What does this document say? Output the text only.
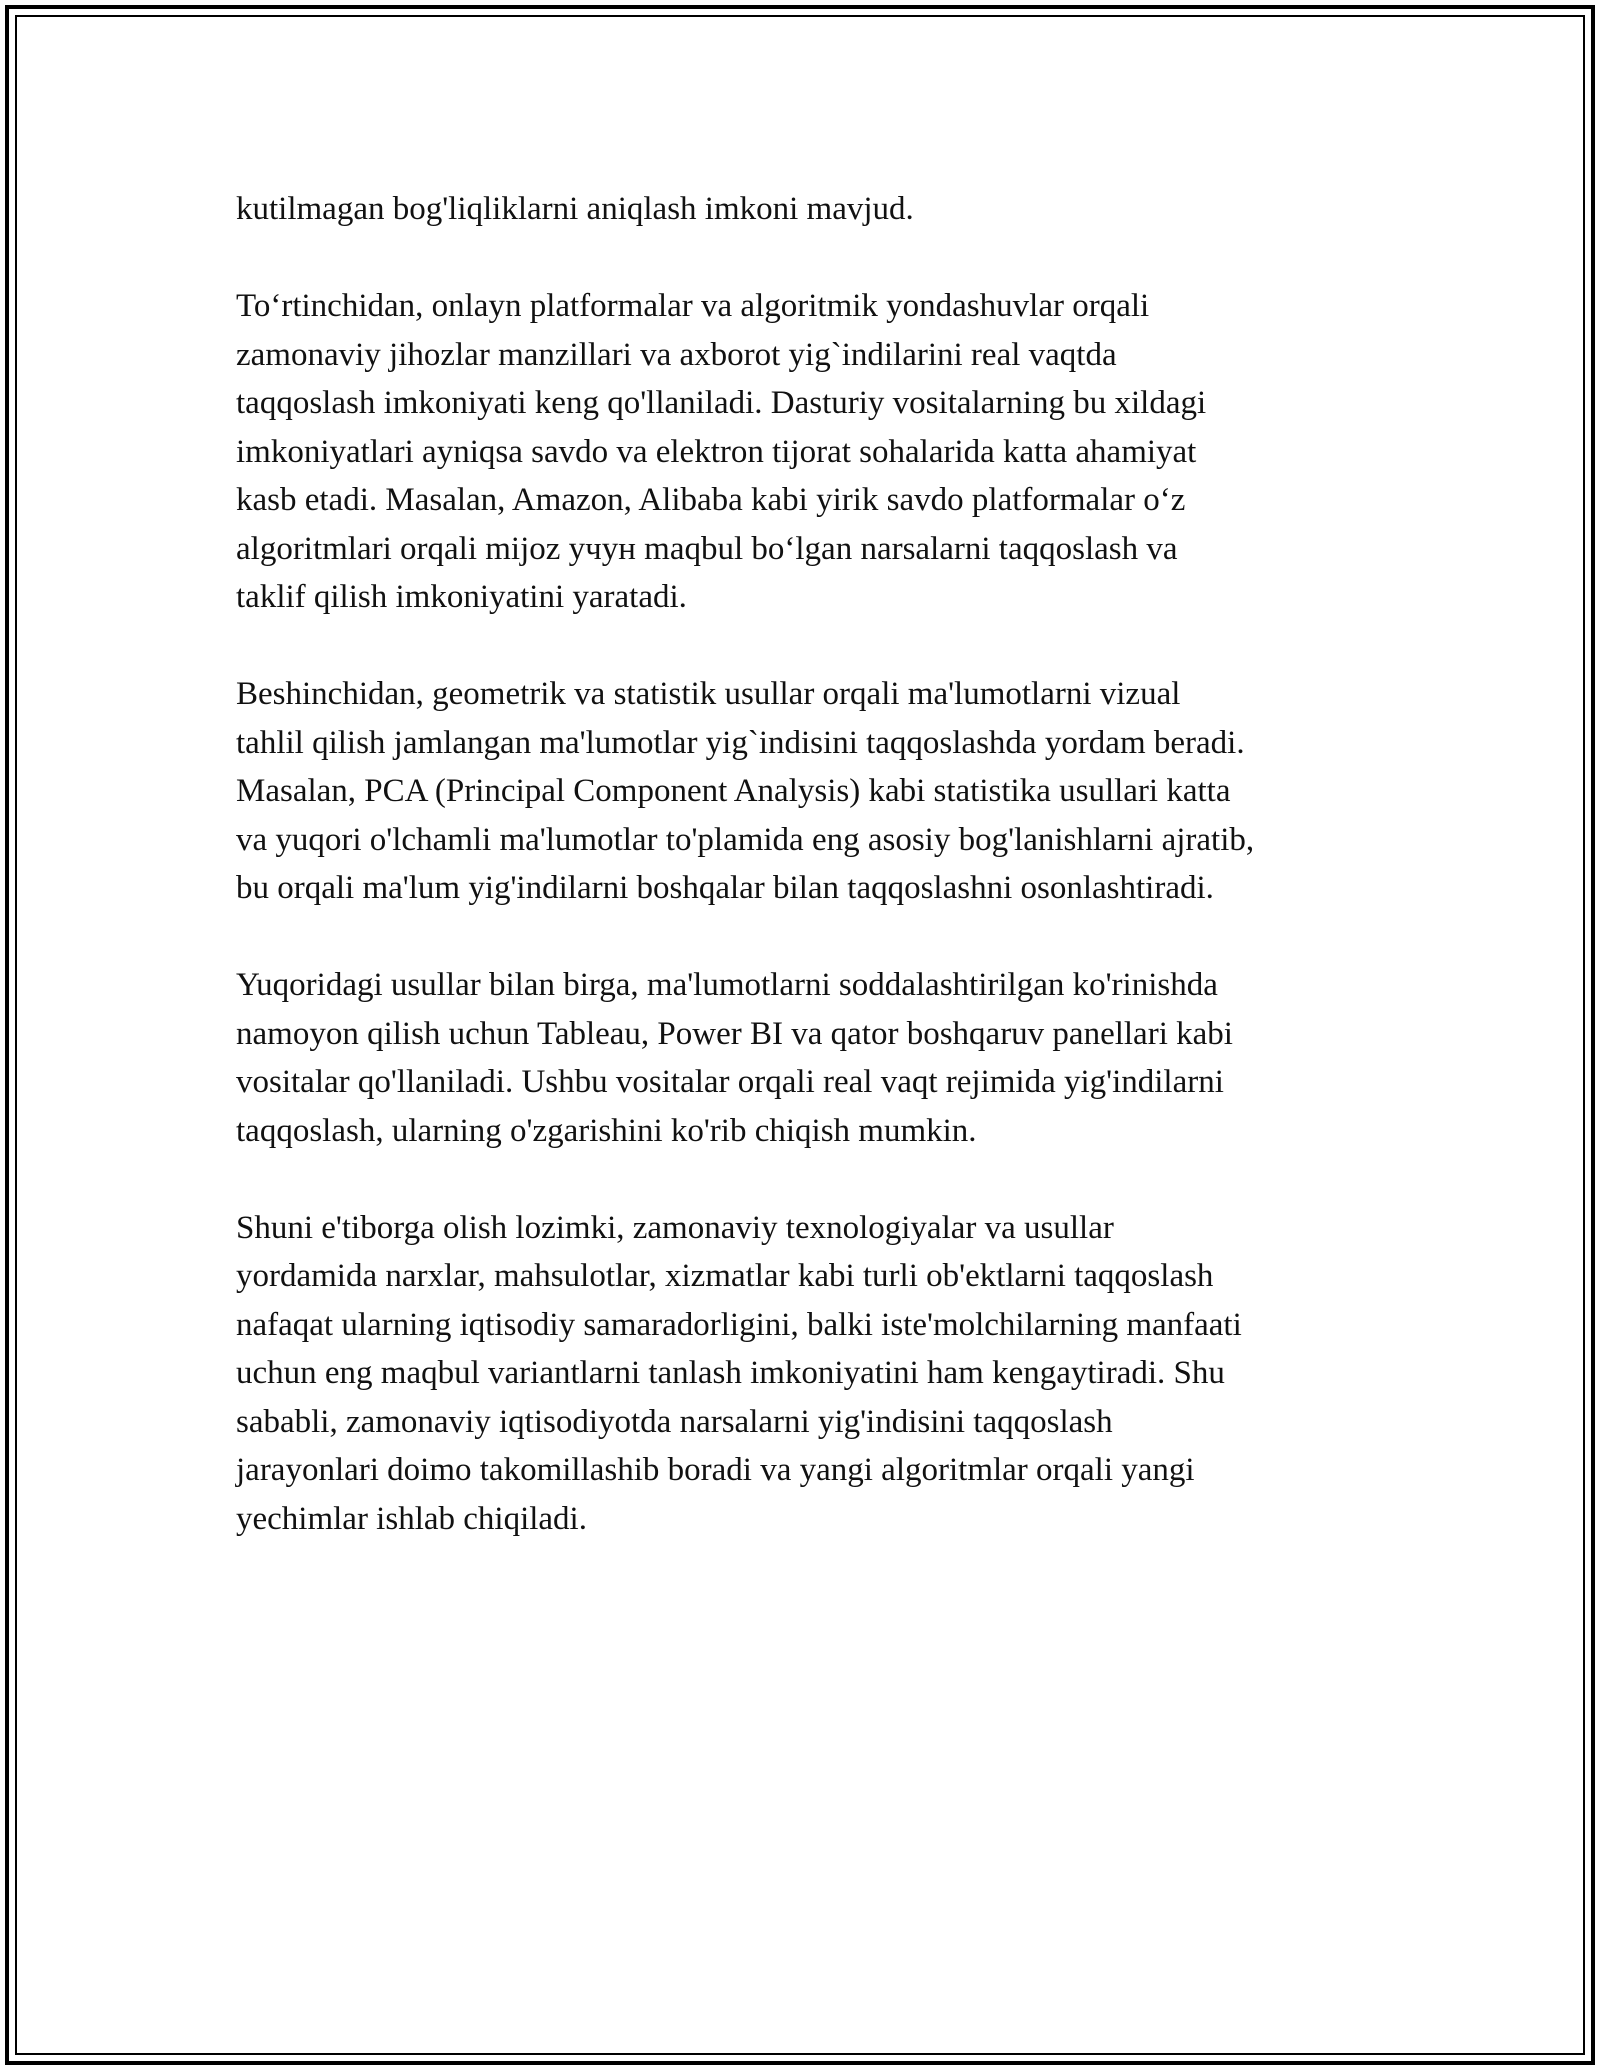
kutilmagan bog'liqliklarni aniqlash imkoni mavjud.
To‘rtinchidan, onlayn platformalar va algoritmik yondashuvlar orqali
zamonaviy jihozlar manzillari va axborot yig`indilarini real vaqtda
taqqoslash imkoniyati keng qo'llaniladi. Dasturiy vositalarning bu xildagi
imkoniyatlari ayniqsa savdo va elektron tijorat sohalarida katta ahamiyat
kasb etadi. Masalan, Amazon, Alibaba kabi yirik savdo platformalar o‘z
algoritmlari orqali mijoz учун maqbul bo‘lgan narsalarni taqqoslash va
taklif qilish imkoniyatini yaratadi.
Beshinchidan, geometrik va statistik usullar orqali ma'lumotlarni vizual
tahlil qilish jamlangan ma'lumotlar yig`indisini taqqoslashda yordam beradi.
Masalan, PCA (Principal Component Analysis) kabi statistika usullari katta
va yuqori o'lchamli ma'lumotlar to'plamida eng asosiy bog'lanishlarni ajratib,
bu orqali ma'lum yig'indilarni boshqalar bilan taqqoslashni osonlashtiradi.
Yuqoridagi usullar bilan birga, ma'lumotlarni soddalashtirilgan ko'rinishda
namoyon qilish uchun Tableau, Power BI va qator boshqaruv panellari kabi
vositalar qo'llaniladi. Ushbu vositalar orqali real vaqt rejimida yig'indilarni
taqqoslash, ularning o'zgarishini ko'rib chiqish mumkin.
Shuni e'tiborga olish lozimki, zamonaviy texnologiyalar va usullar
yordamida narxlar, mahsulotlar, xizmatlar kabi turli ob'ektlarni taqqoslash
nafaqat ularning iqtisodiy samaradorligini, balki iste'molchilarning manfaati
uchun eng maqbul variantlarni tanlash imkoniyatini ham kengaytiradi. Shu
sababli, zamonaviy iqtisodiyotda narsalarni yig'indisini taqqoslash
jarayonlari doimo takomillashib boradi va yangi algoritmlar orqali yangi
yechimlar ishlab chiqiladi.
